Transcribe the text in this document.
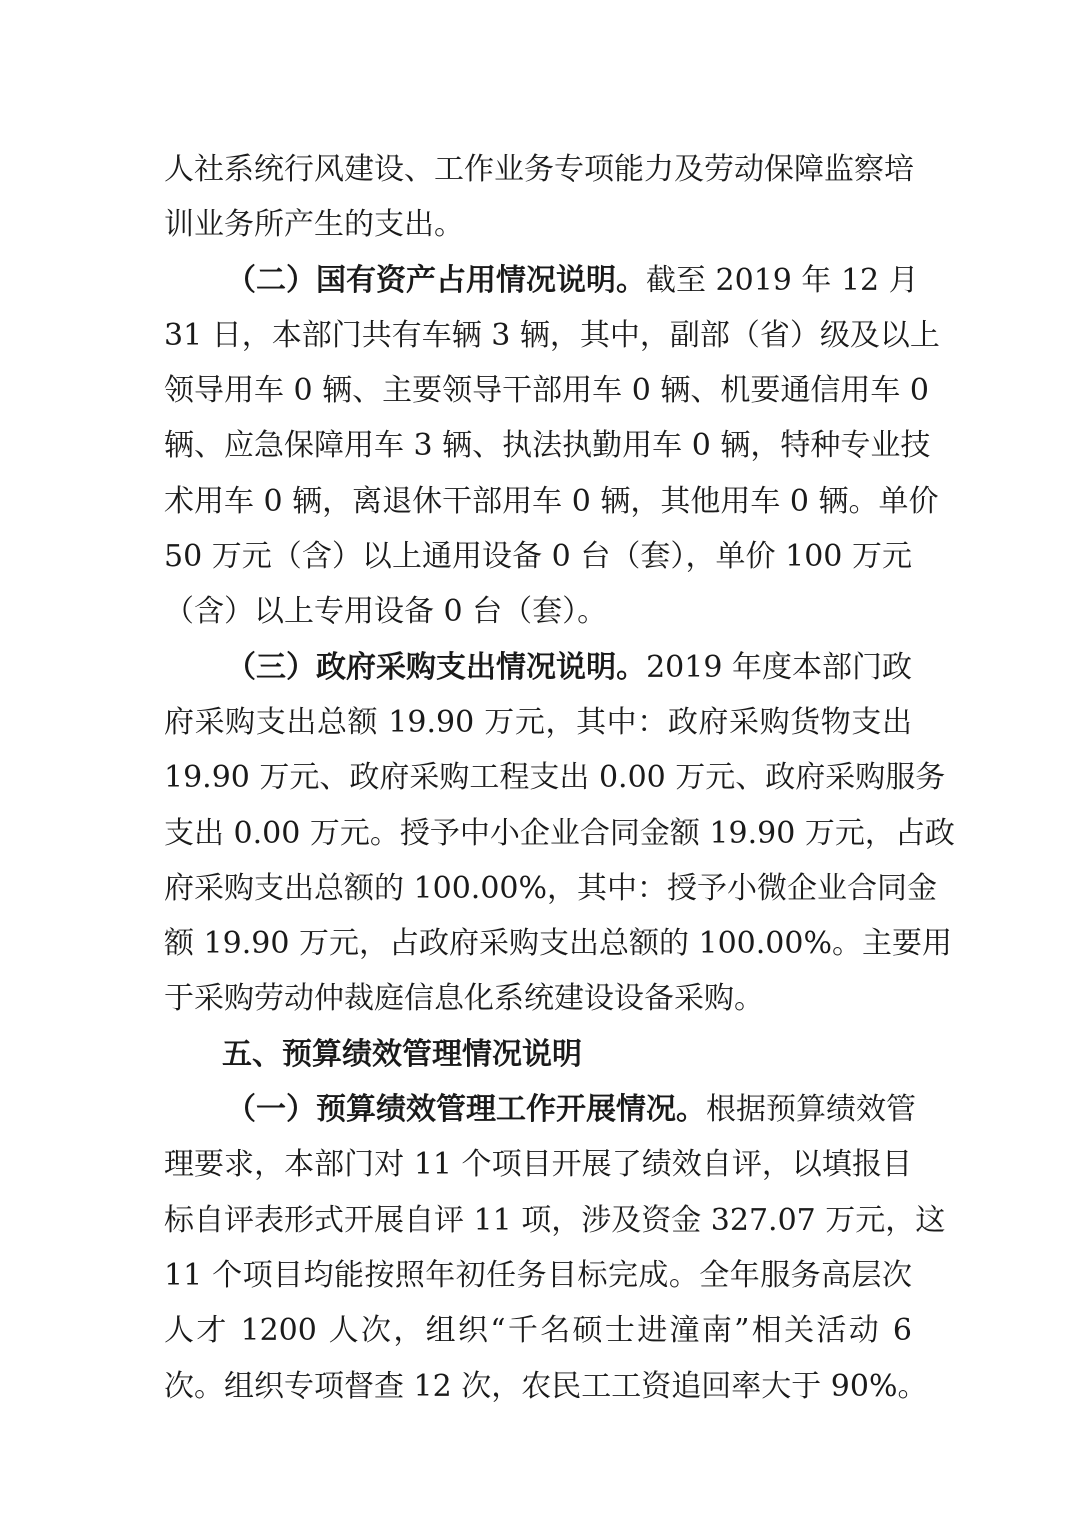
人社系统行风建设、工作业务专项能力及劳动保障监察培
训业务所产生的支出。
（二）国有资产占用情况说明。截至 2019 年 12 月
31 日，本部门共有车辆 3 辆，其中，副部（省）级及以上
领导用车 0 辆、主要领导干部用车 0 辆、机要通信用车 0
辆、应急保障用车 3 辆、执法执勤用车 0 辆，特种专业技
术用车 0 辆，离退休干部用车 0 辆，其他用车 0 辆。单价
50 万元（含）以上通用设备 0 台（套），单价 100 万元
（含）以上专用设备 0 台（套）。
（三）政府采购支出情况说明。2019 年度本部门政
府采购支出总额 19.90 万元，其中：政府采购货物支出
19.90 万元、政府采购工程支出 0.00 万元、政府采购服务
支出 0.00 万元。授予中小企业合同金额 19.90 万元，占政
府采购支出总额的 100.00%，其中：授予小微企业合同金
额 19.90 万元，占政府采购支出总额的 100.00%。主要用
于采购劳动仲裁庭信息化系统建设设备采购。
五、预算绩效管理情况说明
（一）预算绩效管理工作开展情况。根据预算绩效管
理要求，本部门对 11 个项目开展了绩效自评，以填报目
标自评表形式开展自评 11 项，涉及资金 327.07 万元，这
11 个项目均能按照年初任务目标完成。全年服务高层次
人才 1200 人次，组织“千名硕士进潼南”相关活动 6
次。组织专项督查 12 次，农民工工资追回率大于 90%。
